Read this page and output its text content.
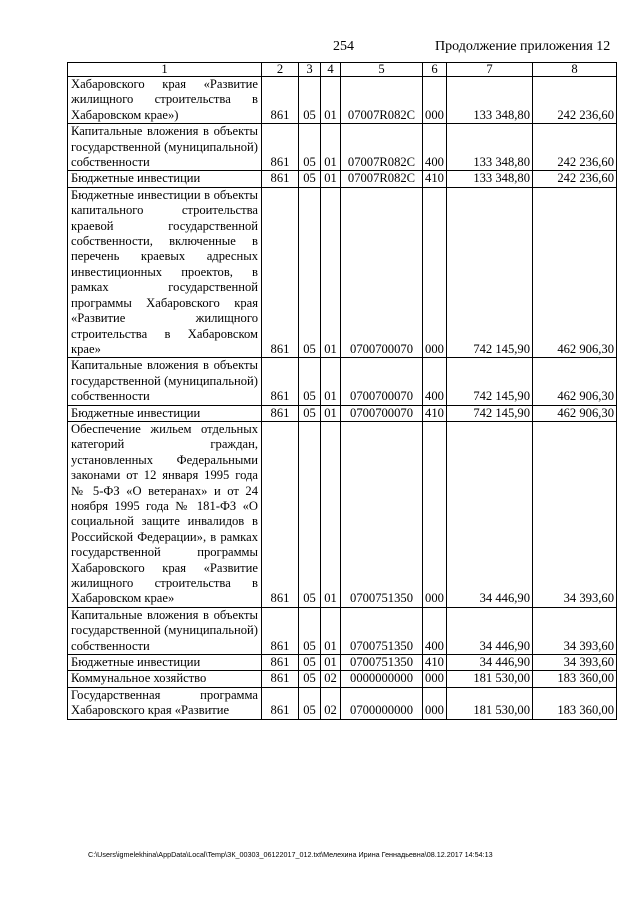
254	Продолжение приложения 12
1	2	3	4	5	6	7	8
Хабаровского края «Развитие жилищного строительства в Хабаровском крае»)	861	05	01	07007R082C	000	133 348,80	242 236,60
Капитальные вложения в объекты государственной (муниципальной) собственности	861	05	01	07007R082C	400	133 348,80	242 236,60
Бюджетные инвестиции	861	05	01	07007R082C	410	133 348,80	242 236,60
Бюджетные инвестиции в объекты капитального строительства краевой государственной собственности, включенные в перечень краевых адресных инвестиционных проектов, в рамках государственной программы Хабаровского края «Развитие жилищного строительства в Хабаровском крае»	861	05	01	0700700070	000	742 145,90	462 906,30
Капитальные вложения в объекты государственной (муниципальной) собственности	861	05	01	0700700070	400	742 145,90	462 906,30
Бюджетные инвестиции	861	05	01	0700700070	410	742 145,90	462 906,30
Обеспечение жильем отдельных категорий граждан, установленных Федеральными законами от 12 января 1995 года № 5-ФЗ «О ветеранах» и от 24 ноября 1995 года № 181-ФЗ «О социальной защите инвалидов в Российской Федерации», в рамках государственной программы Хабаровского края «Развитие жилищного строительства в Хабаровском крае»	861	05	01	0700751350	000	34 446,90	34 393,60
Капитальные вложения в объекты государственной (муниципальной) собственности	861	05	01	0700751350	400	34 446,90	34 393,60
Бюджетные инвестиции	861	05	01	0700751350	410	34 446,90	34 393,60
Коммунальное хозяйство	861	05	02	0000000000	000	181 530,00	183 360,00
Государственная программа Хабаровского края «Развитие	861	05	02	0700000000	000	181 530,00	183 360,00
C:\Users\igmelekhina\AppData\Local\Temp\ЗК_00303_06122017_012.txt\Мелехина Ирина Геннадьевна\08.12.2017 14:54:13
